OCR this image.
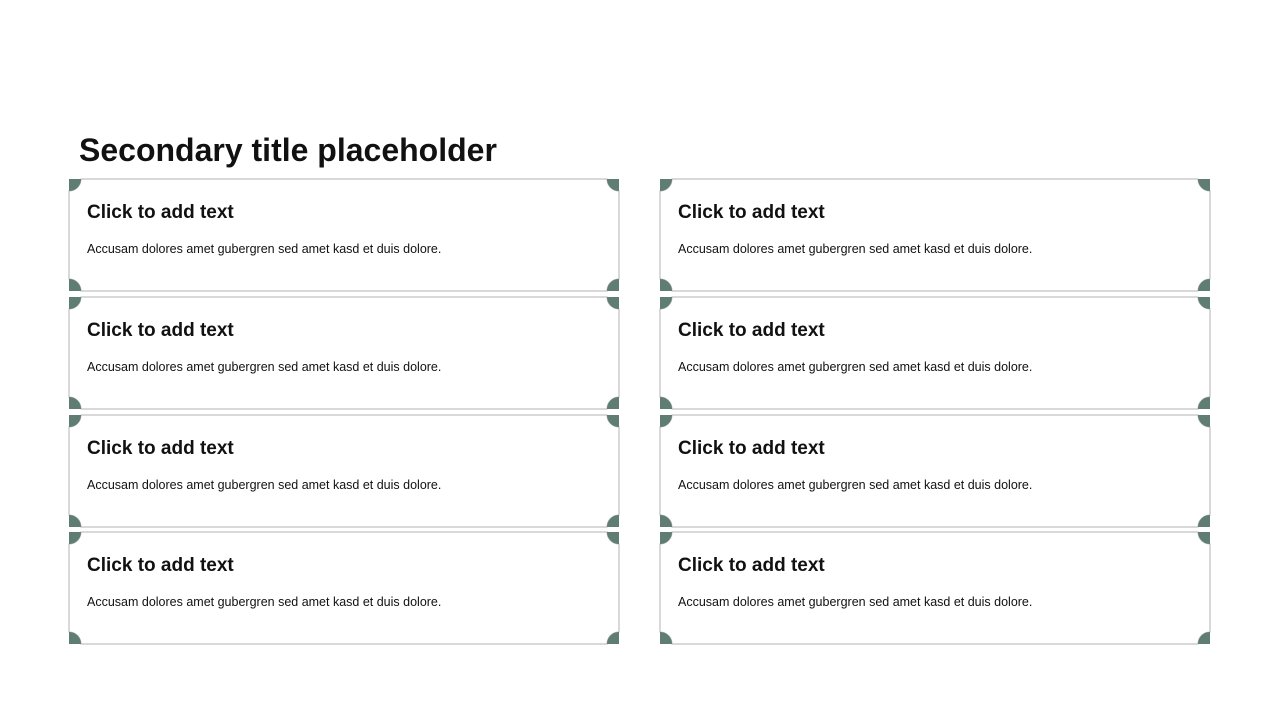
Secondary title placeholder

Click to add text

Accusam dolores amet gubergren sed amet kasd et duis dolore.

Click to add text

Accusam dolores amet gubergren sed amet kasd et duis dolore.

Click to add text

Accusam dolores amet gubergren sed amet kasd et duis dolore.

Click to add text

Accusam dolores amet gubergren sed amet kasd et duis dolore.

Click to add text

Accusam dolores amet gubergren sed amet kasd et duis dolore.

Click to add text

Accusam dolores amet gubergren sed amet kasd et duis dolore.

Click to add text

Accusam dolores amet gubergren sed amet kasd et duis dolore.

Click to add text

Accusam dolores amet gubergren sed amet kasd et duis dolore.
